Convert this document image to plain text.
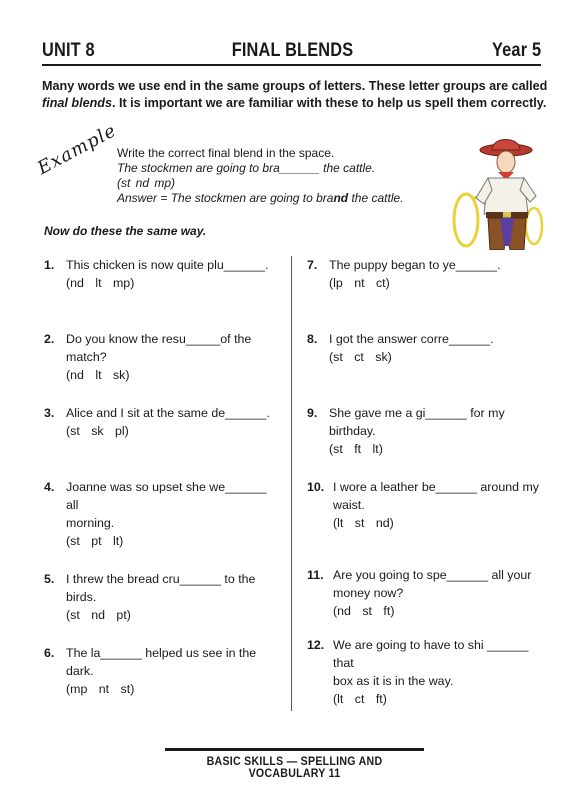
UNIT 8	FINAL BLENDS	Year 5
Many words we use end in the same groups of letters. These letter groups are called
final blends. It is important we are familiar with these to help us spell them correctly.
Example
Write the correct final blend in the space.
The stockmen are going to bra______ the cattle.
(st nd mp)
Answer = The stockmen are going to brand the cattle.
Now do these the same way.
1. This chicken is now quite plu______.
(nd lt mp)
2. Do you know the resu_____of the match?
(nd lt sk)
3. Alice and I sit at the same de______.
(st sk pl)
4. Joanne was so upset she we______ all
morning.
(st pt lt)
5. I threw the bread cru______ to the birds.
(st nd pt)
6. The la______ helped us see in the dark.
(mp nt st)
7. The puppy began to ye______.
(lp nt ct)
8. I got the answer corre______.
(st ct sk)
9. She gave me a gi______ for my birthday.
(st ft lt)
10. I wore a leather be______ around my
waist.
(lt st nd)
11. Are you going to spe______ all your
money now?
(nd st ft)
12. We are going to have to shi ______ that
box as it is in the way.
(lt ct ft)
BASIC SKILLS — SPELLING AND VOCABULARY 11
